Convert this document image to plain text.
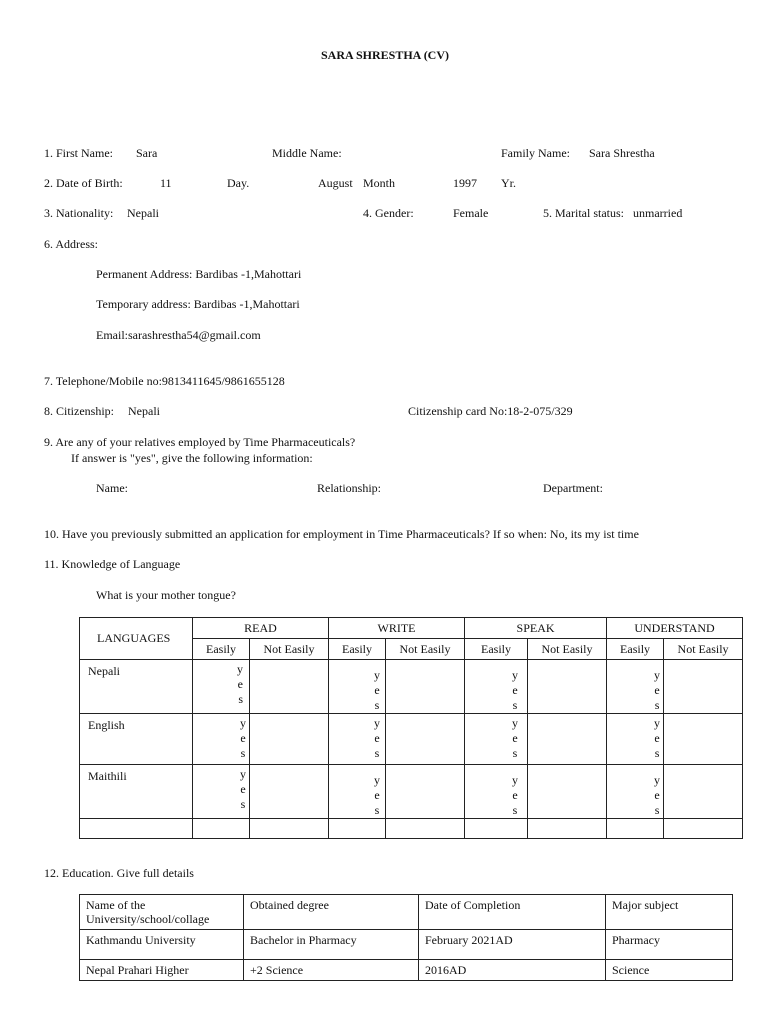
SARA SHRESTHA (CV)
1. First Name: Sara	Middle Name:	Family Name: Sara Shrestha
2. Date of Birth:	11	Day.	August Month	1997 Yr.
3. Nationality: Nepali	4. Gender:	Female	5. Marital status: unmarried
6. Address:
Permanent Address: Bardibas -1,Mahottari
Temporary address: Bardibas -1,Mahottari
Email:sarashrestha54@gmail.com
7. Telephone/Mobile no:9813411645/9861655128
8. Citizenship: Nepali	Citizenship card No:18-2-075/329
9. Are any of your relatives employed by Time Pharmaceuticals?
If answer is "yes", give the following information:
Name:	Relationship:	Department:
10. Have you previously submitted an application for employment in Time Pharmaceuticals? If so when: No, its my ist time
11. Knowledge of Language
What is your mother tongue?
LANGUAGES	READ		WRITE		SPEAK		UNDERSTAND	
	Easily	Not Easily	Easily	Not Easily	Easily	Not Easily	Easily	Not Easily
Nepali	y e s		y e s		y e s		y e s	

English	y e s		y e s		y e s		y e s	

Maithili	y e s		y e s		y e s		y e s	

12. Education. Give full details
Name of the University/school/collage	Obtained degree	Date of Completion	Major subject
Kathmandu University	Bachelor in Pharmacy	February 2021AD	Pharmacy
Nepal Prahari Higher	+2 Science	2016AD	Science
